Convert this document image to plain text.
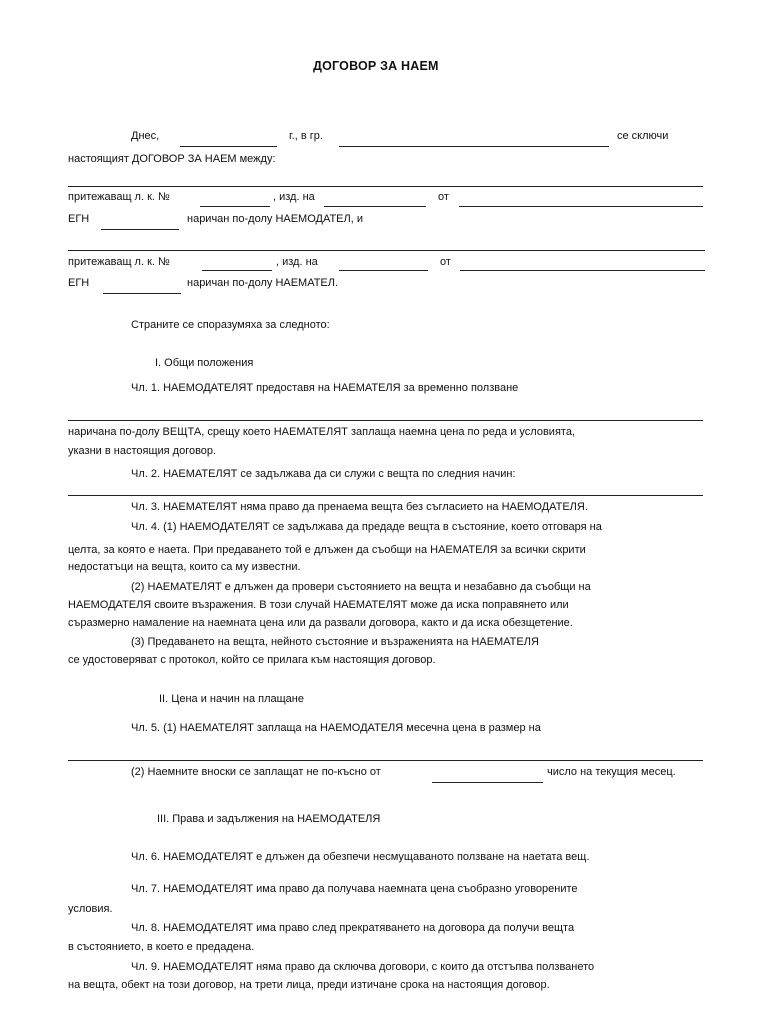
ДОГОВОР ЗА НАЕМ
Днес,	г., в гр.	се сключи
настоящият ДОГОВОР ЗА НАЕМ между:
притежаващ л. к. №	, изд. на	от
ЕГН	наричан по-долу НАЕМОДАТЕЛ, и
притежаващ л. к. №	, изд. на	от
ЕГН	наричан по-долу НАЕМАТЕЛ.
Страните се споразумяха за следното:
I. Общи положения
Чл. 1. НАЕМОДАТЕЛЯТ предоставя на НАЕМАТЕЛЯ за временно ползване
наричана по-долу ВЕЩТА, срещу което НАЕМАТЕЛЯТ заплаща наемна цена по реда и условията,
указни в настоящия договор.
Чл. 2. НАЕМАТЕЛЯТ се задължава да си служи с вещта по следния начин:
Чл. 3. НАЕМАТЕЛЯТ няма право да пренаема вещта без съгласието на НАЕМОДАТЕЛЯ.
Чл. 4. (1) НАЕМОДАТЕЛЯТ се задължава да предаде вещта в състояние, което отговаря на
целта, за която е наета. При предаването той е длъжен да съобщи на НАЕМАТЕЛЯ за всички скрити
недостатъци на вещта, които са му известни.
(2) НАЕМАТЕЛЯТ е длъжен да провери състоянието на вещта и незабавно да съобщи на
НАЕМОДАТЕЛЯ своите възражения. В този случай НАЕМАТЕЛЯТ може да иска поправянето или
съразмерно намаление на наемната цена или да развали договора, както и да иска обезщетение.
(3) Предаването на вещта, нейното състояние и възраженията на НАЕМАТЕЛЯ
се удостоверяват с протокол, който се прилага към настоящия договор.
II. Цена и начин на плащане
Чл. 5. (1) НАЕМАТЕЛЯТ заплаща на НАЕМОДАТЕЛЯ месечна цена в размер на
(2) Наемните вноски се заплащат не по-късно от	число на текущия месец.
III. Права и задължения на НАЕМОДАТЕЛЯ
Чл. 6. НАЕМОДАТЕЛЯТ е длъжен да обезпечи несмущаваното ползване на наетата вещ.
Чл. 7. НАЕМОДАТЕЛЯТ има право да получава наемната цена съобразно уговорените
условия.
Чл. 8. НАЕМОДАТЕЛЯТ има право след прекратяването на договора да получи вещта
в състоянието, в което е предадена.
Чл. 9. НАЕМОДАТЕЛЯТ няма право да сключва договори, с които да отстъпва ползването
на вещта, обект на този договор, на трети лица, преди изтичане срока на настоящия договор.
